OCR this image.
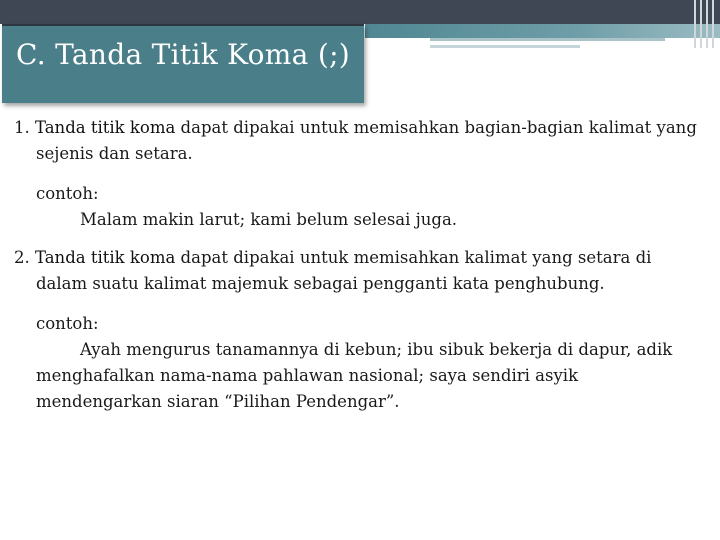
C. Tanda Titik Koma (;)
1. Tanda titik koma dapat dipakai untuk memisahkan bagian-bagian kalimat yang sejenis dan setara.
contoh:
Malam makin larut; kami belum selesai juga.
2. Tanda titik koma dapat dipakai untuk memisahkan kalimat yang setara di dalam suatu kalimat majemuk sebagai pengganti kata penghubung.
contoh:
Ayah mengurus tanamannya di kebun; ibu sibuk bekerja di dapur, adik menghafalkan nama-nama pahlawan nasional; saya sendiri asyik mendengarkan siaran “Pilihan Pendengar”.
